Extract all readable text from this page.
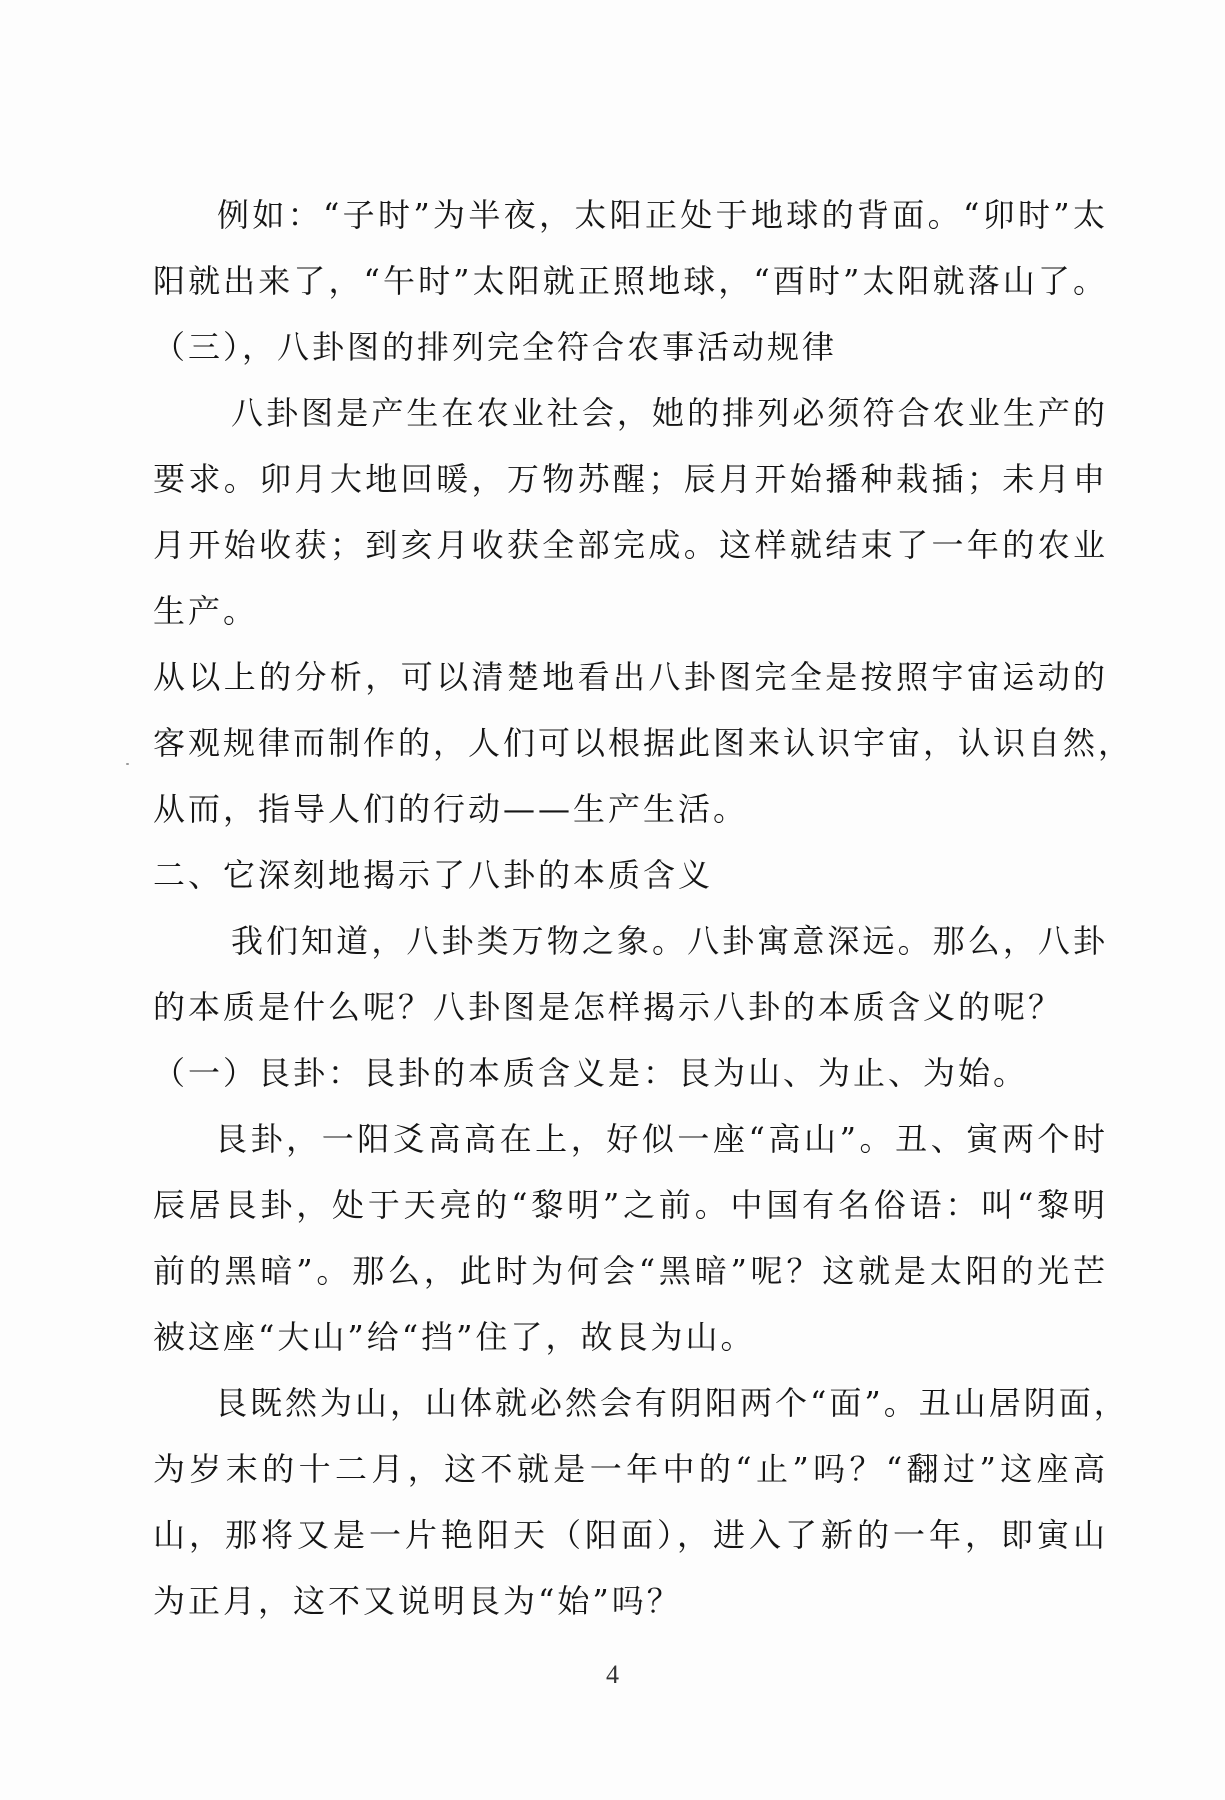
例如：“子时”为半夜，太阳正处于地球的背面。“卯时”太
阳就出来了，“午时”太阳就正照地球，“酉时”太阳就落山了。
（三），八卦图的排列完全符合农事活动规律
八卦图是产生在农业社会，她的排列必须符合农业生产的
要求。卯月大地回暖，万物苏醒；辰月开始播种栽插；未月申
月开始收获；到亥月收获全部完成。这样就结束了一年的农业
生产。
从以上的分析，可以清楚地看出八卦图完全是按照宇宙运动的
客观规律而制作的，人们可以根据此图来认识宇宙，认识自然，
从而，指导人们的行动——生产生活。
二、它深刻地揭示了八卦的本质含义
我们知道，八卦类万物之象。八卦寓意深远。那么，八卦
的本质是什么呢？八卦图是怎样揭示八卦的本质含义的呢？
（一）艮卦：艮卦的本质含义是：艮为山、为止、为始。
艮卦，一阳爻高高在上，好似一座“高山”。丑、寅两个时
辰居艮卦，处于天亮的“黎明”之前。中国有名俗语：叫“黎明
前的黑暗”。那么，此时为何会“黑暗”呢？这就是太阳的光芒
被这座“大山”给“挡”住了，故艮为山。
艮既然为山，山体就必然会有阴阳两个“面”。丑山居阴面，
为岁末的十二月，这不就是一年中的“止”吗？“翻过”这座高
山，那将又是一片艳阳天（阳面），进入了新的一年，即寅山
为正月，这不又说明艮为“始”吗？
4
